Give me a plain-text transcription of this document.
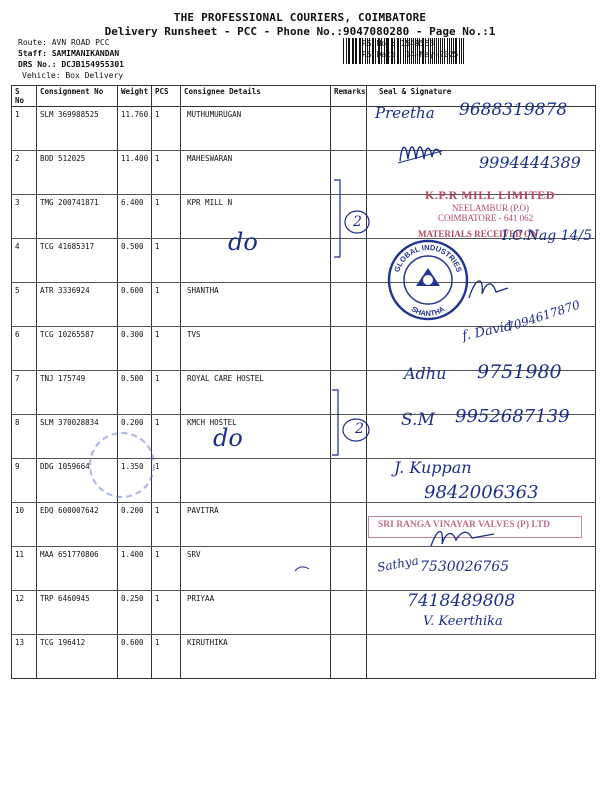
THE PROFESSIONAL COURIERS, COIMBATORE
Delivery Runsheet - PCC - Phone No.:9047080280 - Page No.:1
Route: AVN ROAD PCC
Staff: SAMIMANIKANDAN
DRS No.: DCJB154955301
Vehicle: Box Delivery
RS No.: 1549553
RS Date: 14-May-2025
S No	Consignment No	Weight	PCS	Consignee Details	Remarks	Seal & Signature
1	SLM 369988525	11.760	1	MUTHUMURUGAN		
2	BOD 512025	11.400	1	MAHESWARAN		
3	TMG 200741871	6.400	1	KPR MILL N		
4	TCG 41685317	0.500	1			
5	ATR 3336924	0.600	1	SHANTHA		
6	TCG 10265587	0.300	1	TVS		
7	TNJ 175749	0.500	1	ROYAL CARE HOSTEL		
8	SLM 370028834	0.200	1	KMCH HOSTEL		
9	DDG 1059664	1.350	1			
10	EDQ 600007642	0.200	1	PAVITRA		
11	MAA 651770806	1.400	1	SRV		
12	TRP 6460945	0.250	1	PRIYAA		
13	TCG 196412	0.600	1	KIRUTHIKA		
2
2
do
do
Preetha 9688319878
9994444389
K.P.R MILL LIMITED
NEELAMBUR (P.O)
COIMBATORE - 641 062
MATERIALS RECEIVED ON
I.C.Nag 14/5
GLOBAL INDUSTRIES
SHANTHA
f. David
7094617870
Adhu 9751980
S.M 9952687139
J. Kuppan
9842006363
SRI RANGA VINAYAR VALVES (P) LTD
Sathya 7530026765
7418489808
V. Keerthika
